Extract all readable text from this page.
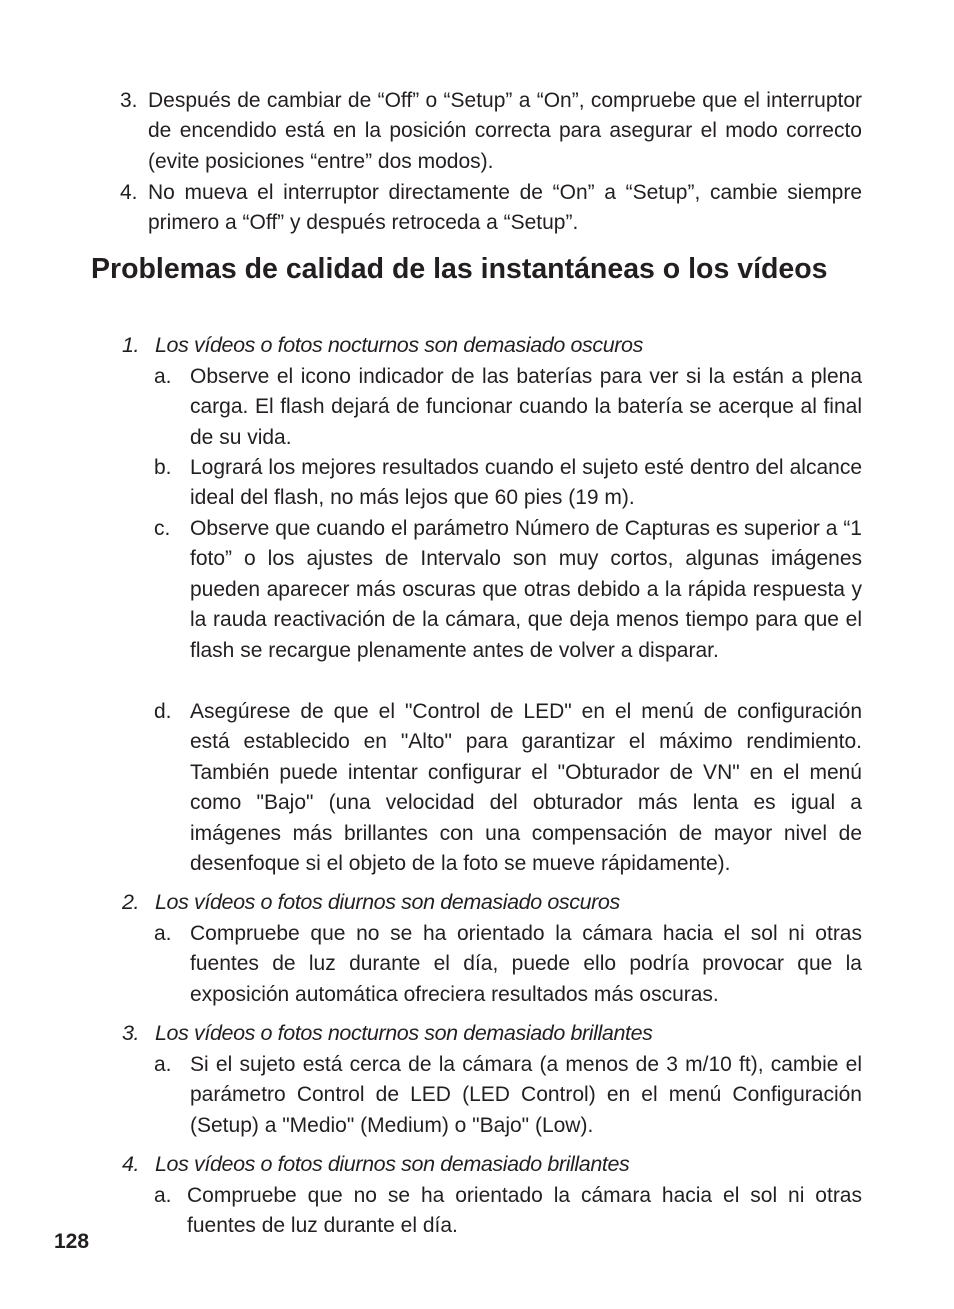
3. Después de cambiar de “Off” o “Setup” a “On”, compruebe que el interruptor de encendido está en la posición correcta para asegurar el modo correcto (evite posiciones “entre” dos modos).
4. No mueva el interruptor directamente de “On” a “Setup”, cambie siempre primero a “Off” y después retroceda a “Setup”.
Problemas de calidad de las instantáneas o los vídeos
1. Los vídeos o fotos nocturnos son demasiado oscuros
a. Observe el icono indicador de las baterías para ver si la están a plena carga. El flash dejará de funcionar cuando la batería se acerque al final de su vida.
b. Logrará los mejores resultados cuando el sujeto esté dentro del alcance ideal del flash, no más lejos que 60 pies (19 m).
c. Observe que cuando el parámetro Número de Capturas es superior a “1 foto” o los ajustes de Intervalo son muy cortos, algunas imágenes pueden aparecer más oscuras que otras debido a la rápida respuesta y la rauda reactivación de la cámara, que deja menos tiempo para que el flash se recargue plenamente antes de volver a disparar.
d. Asegúrese de que el "Control de LED" en el menú de configuración está establecido en "Alto" para garantizar el máximo rendimiento. También puede intentar configurar el "Obturador de VN" en el menú como "Bajo" (una velocidad del obturador más lenta es igual a imágenes más brillantes con una compensación de mayor nivel de desenfoque si el objeto de la foto se mueve rápidamente).
2. Los vídeos o fotos diurnos son demasiado oscuros
a. Compruebe que no se ha orientado la cámara hacia el sol ni otras fuentes de luz durante el día, puede ello podría provocar que la exposición automática ofreciera resultados más oscuras.
3. Los vídeos o fotos nocturnos son demasiado brillantes
a. Si el sujeto está cerca de la cámara (a menos de 3 m/10 ft), cambie el parámetro Control de LED (LED Control) en el menú Configuración (Setup) a "Medio" (Medium) o "Bajo" (Low).
4. Los vídeos o fotos diurnos son demasiado brillantes
a. Compruebe que no se ha orientado la cámara hacia el sol ni otras fuentes de luz durante el día.
128
